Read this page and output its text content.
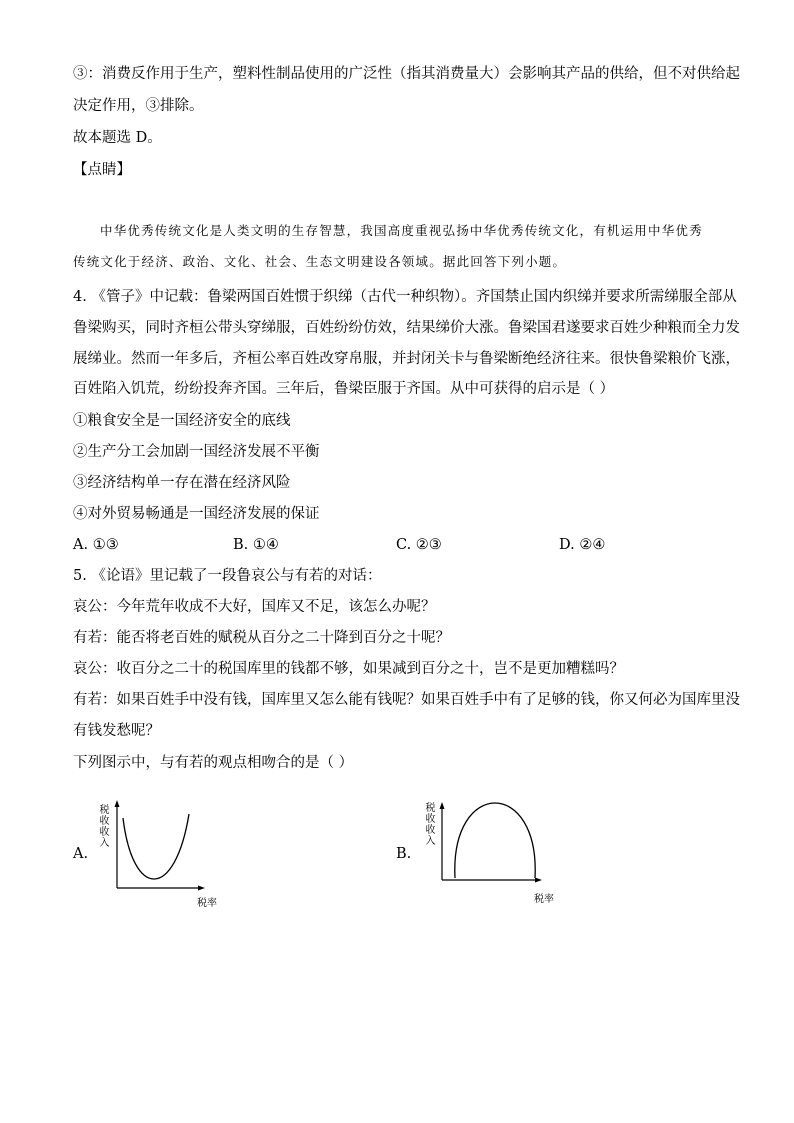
③：消费反作用于生产，塑料性制品使用的广泛性（指其消费量大）会影响其产品的供给，但不对供给起
决定作用，③排除。
故本题选 D。
【点睛】
中华优秀传统文化是人类文明的生存智慧，我国高度重视弘扬中华优秀传统文化，有机运用中华优秀
传统文化于经济、政治、文化、社会、生态文明建设各领域。据此回答下列小题。
4. 《管子》中记载：鲁梁两国百姓惯于织绨（古代一种织物）。齐国禁止国内织绨并要求所需绨服全部从
鲁梁购买，同时齐桓公带头穿绨服，百姓纷纷仿效，结果绨价大涨。鲁梁国君遂要求百姓少种粮而全力发
展绨业。然而一年多后，齐桓公率百姓改穿帛服，并封闭关卡与鲁梁断绝经济往来。很快鲁梁粮价飞涨，
百姓陷入饥荒，纷纷投奔齐国。三年后，鲁梁臣服于齐国。从中可获得的启示是（ ）
①粮食安全是一国经济安全的底线
②生产分工会加剧一国经济发展不平衡
③经济结构单一存在潜在经济风险
④对外贸易畅通是一国经济发展的保证
A. ①③	B. ①④	C. ②③	D. ②④
5. 《论语》里记载了一段鲁哀公与有若的对话：
哀公：今年荒年收成不大好，国库又不足，该怎么办呢？
有若：能否将老百姓的赋税从百分之二十降到百分之十呢？
哀公：收百分之二十的税国库里的钱都不够，如果减到百分之十，岂不是更加糟糕吗？
有若：如果百姓手中没有钱，国库里又怎么能有钱呢？如果百姓手中有了足够的钱，你又何必为国库里没
有钱发愁呢？
下列图示中，与有若的观点相吻合的是（ ）
A.
税收收入
税率
B.
税收收入
税率
